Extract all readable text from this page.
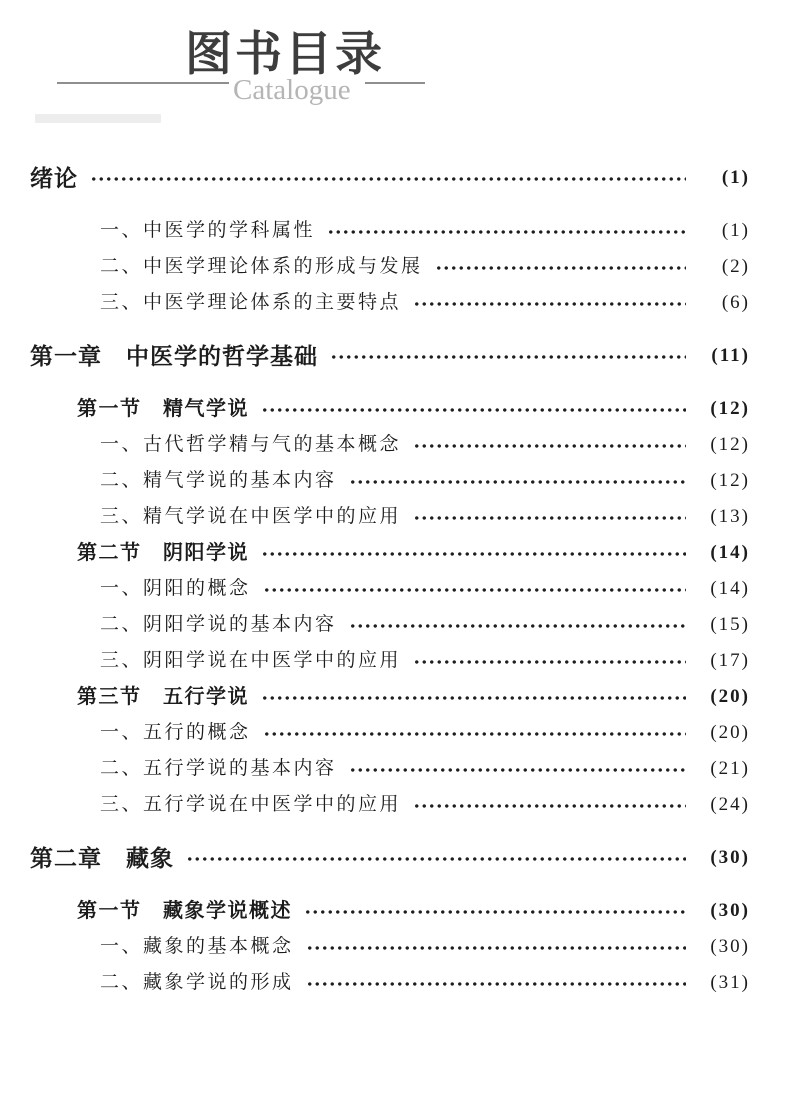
图书目录
Catalogue
绪论	(1)
一、中医学的学科属性	(1)
二、中医学理论体系的形成与发展	(2)
三、中医学理论体系的主要特点	(6)
第一章　中医学的哲学基础	(11)
第一节　精气学说	(12)
一、古代哲学精与气的基本概念	(12)
二、精气学说的基本内容	(12)
三、精气学说在中医学中的应用	(13)
第二节　阴阳学说	(14)
一、阴阳的概念	(14)
二、阴阳学说的基本内容	(15)
三、阴阳学说在中医学中的应用	(17)
第三节　五行学说	(20)
一、五行的概念	(20)
二、五行学说的基本内容	(21)
三、五行学说在中医学中的应用	(24)
第二章　藏象	(30)
第一节　藏象学说概述	(30)
一、藏象的基本概念	(30)
二、藏象学说的形成	(31)
